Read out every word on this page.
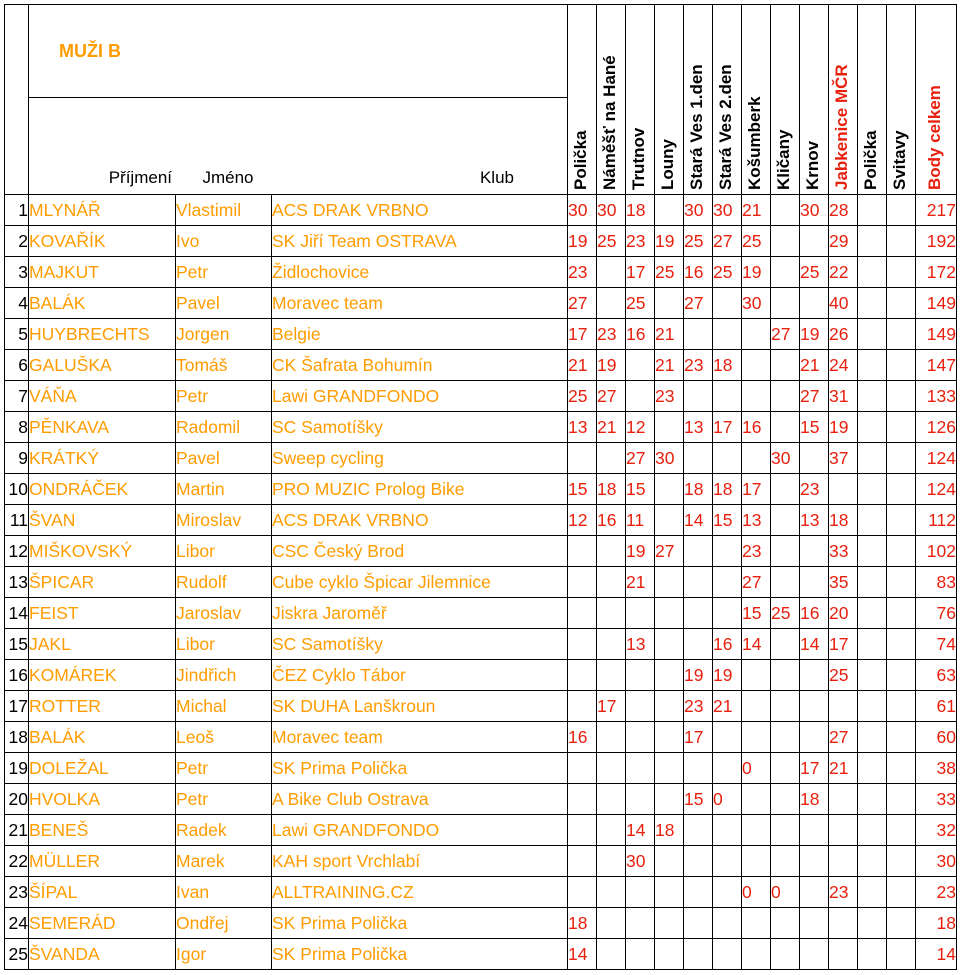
	MUŽI B
Příjmení Jméno Klub			Polička	Náměšť na Hané	Trutnov	Louny	Stará Ves 1.den	Stará Ves 2.den	Košumberk	Kličany	Krnov	Jabkenice MČR	Polička	Svitavy	Body celkem

1	MLYNÁŘ	Vlastimil	ACS DRAK VRBNO	30	30	18		30	30	21		30	28			217
2	KOVAŘÍK	Ivo	SK Jiří Team OSTRAVA	19	25	23	19	25	27	25			29			192
3	MAJKUT	Petr	Židlochovice	23		17	25	16	25	19		25	22			172
4	BALÁK	Pavel	Moravec team	27		25		27		30			40			149
5	HUYBRECHTS	Jorgen	Belgie	17	23	16	21				27	19	26			149
6	GALUŠKA	Tomáš	CK Šafrata Bohumín	21	19		21	23	18			21	24			147
7	VÁŇA	Petr	Lawi GRANDFONDO	25	27		23					27	31			133
8	PĚNKAVA	Radomil	SC Samotíšky	13	21	12		13	17	16		15	19			126
9	KRÁTKÝ	Pavel	Sweep cycling			27	30				30		37			124
10	ONDRÁČEK	Martin	PRO MUZIC Prolog Bike	15	18	15		18	18	17		23				124
11	ŠVAN	Miroslav	ACS DRAK VRBNO	12	16	11		14	15	13		13	18			112
12	MIŠKOVSKÝ	Libor	CSC Český Brod			19	27			23			33			102
13	ŠPICAR	Rudolf	Cube cyklo Špicar Jilemnice			21				27			35			83
14	FEIST	Jaroslav	Jiskra Jaroměř							15	25	16	20			76
15	JAKL	Libor	SC Samotíšky			13			16	14		14	17			74
16	KOMÁREK	Jindřich	ČEZ Cyklo Tábor					19	19				25			63
17	ROTTER	Michal	SK DUHA Lanškroun		17			23	21							61
18	BALÁK	Leoš	Moravec team	16				17					27			60
19	DOLEŽAL	Petr	SK Prima Polička							0		17	21			38
20	HVOLKA	Petr	A Bike Club Ostrava					15	0			18				33
21	BENEŠ	Radek	Lawi GRANDFONDO			14	18									32
22	MÜLLER	Marek	KAH sport Vrchlabí			30										30
23	ŠÍPAL	Ivan	ALLTRAINING.CZ							0	0		23			23
24	SEMERÁD	Ondřej	SK Prima Polička	18												18
25	ŠVANDA	Igor	SK Prima Polička	14												14
